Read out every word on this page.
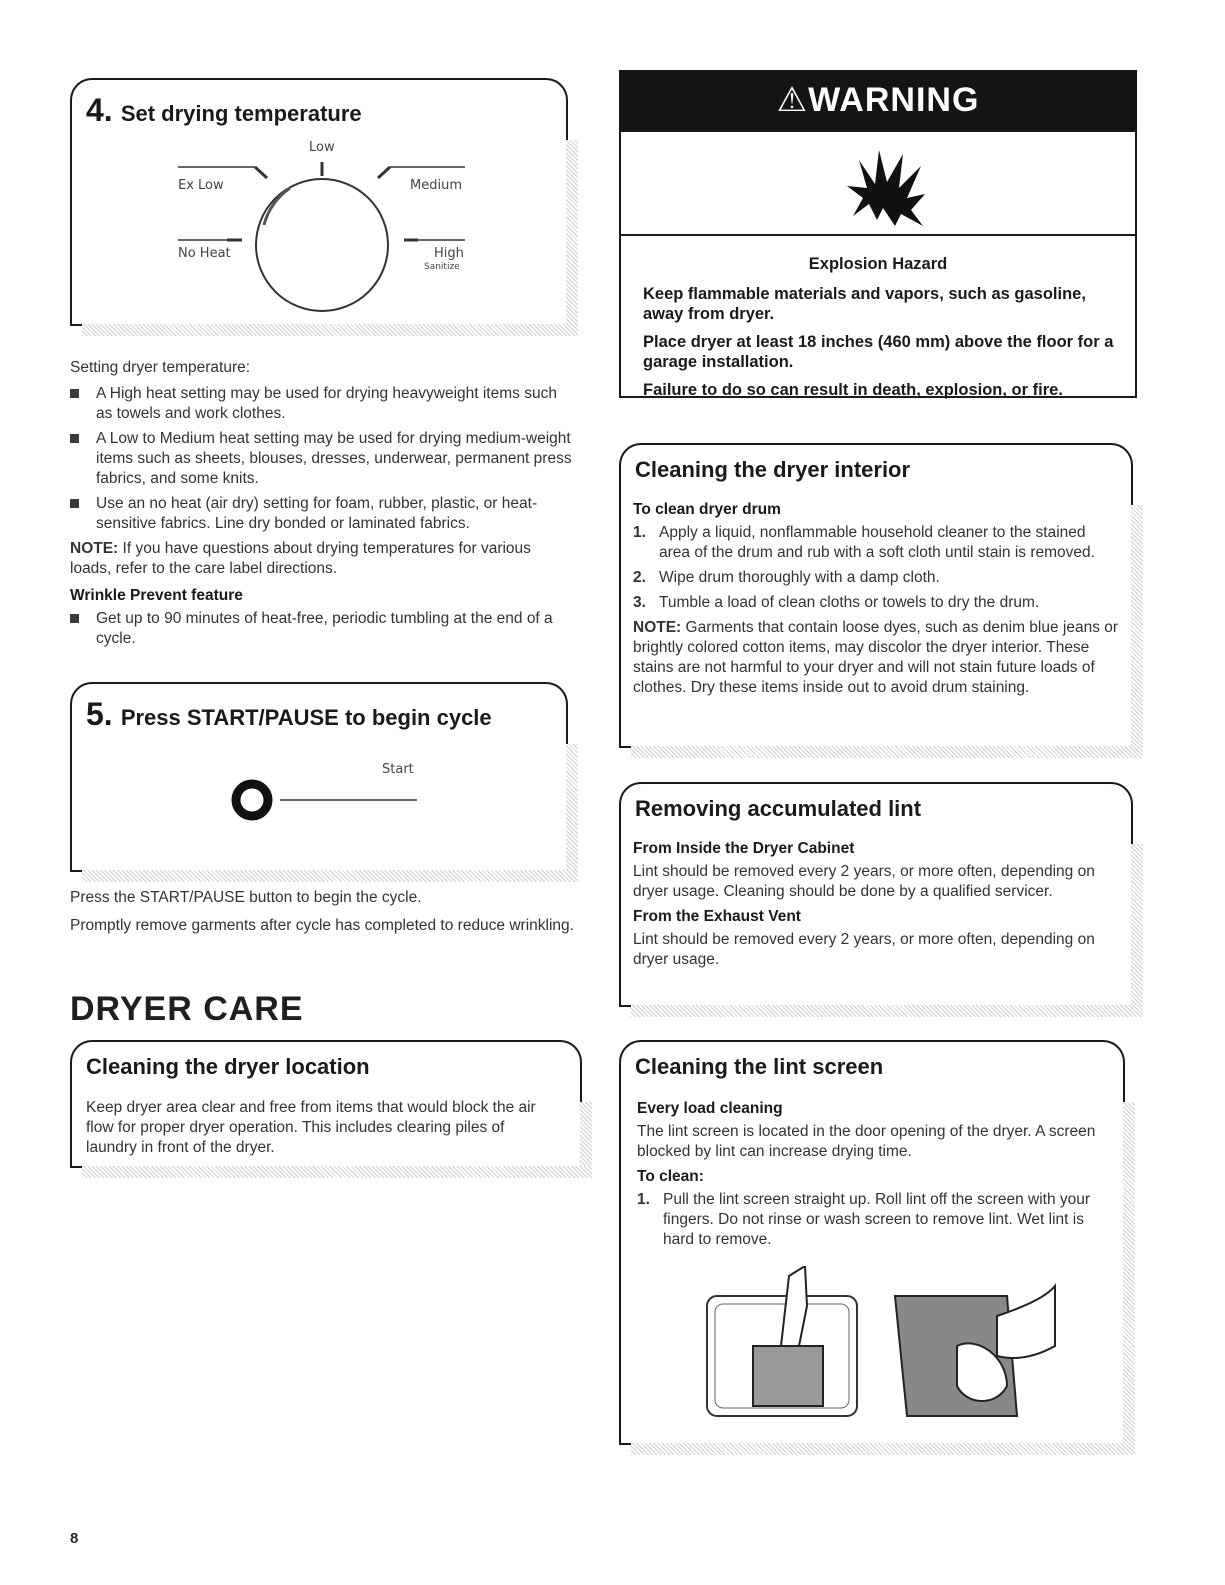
4. Set drying temperature
Low
Ex Low	Medium
No Heat	High
Sanitize

Setting dryer temperature:

A High heat setting may be used for drying heavyweight items such as towels and work clothes.
A Low to Medium heat setting may be used for drying medium-weight items such as sheets, blouses, dresses, underwear, permanent press fabrics, and some knits.
Use an no heat (air dry) setting for foam, rubber, plastic, or heat-sensitive fabrics. Line dry bonded or laminated fabrics.

NOTE: If you have questions about drying temperatures for various loads, refer to the care label directions.

Wrinkle Prevent feature

Get up to 90 minutes of heat-free, periodic tumbling at the end of a cycle.
5. Press START/PAUSE to begin cycle
Start

Press the START/PAUSE button to begin the cycle.

Promptly remove garments after cycle has completed to reduce wrinkling.

DRYER CARE
Cleaning the dryer location

Keep dryer area clear and free from items that would block the air flow for proper dryer operation. This includes clearing piles of laundry in front of the dryer.

⚠WARNING
Explosion Hazard

Keep flammable materials and vapors, such as gasoline, away from dryer.

Place dryer at least 18 inches (460 mm) above the floor for a garage installation.

Failure to do so can result in death, explosion, or fire.

Cleaning the dryer interior

To clean dryer drum

1. Apply a liquid, nonflammable household cleaner to the stained area of the drum and rub with a soft cloth until stain is removed.
2. Wipe drum thoroughly with a damp cloth.
3. Tumble a load of clean cloths or towels to dry the drum.

NOTE: Garments that contain loose dyes, such as denim blue jeans or brightly colored cotton items, may discolor the dryer interior. These stains are not harmful to your dryer and will not stain future loads of clothes. Dry these items inside out to avoid drum staining.

Removing accumulated lint

From Inside the Dryer Cabinet

Lint should be removed every 2 years, or more often, depending on dryer usage. Cleaning should be done by a qualified servicer.

From the Exhaust Vent

Lint should be removed every 2 years, or more often, depending on dryer usage.

Cleaning the lint screen

Every load cleaning

The lint screen is located in the door opening of the dryer. A screen blocked by lint can increase drying time.

To clean:

1. Pull the lint screen straight up. Roll lint off the screen with your fingers. Do not rinse or wash screen to remove lint. Wet lint is hard to remove.
8
